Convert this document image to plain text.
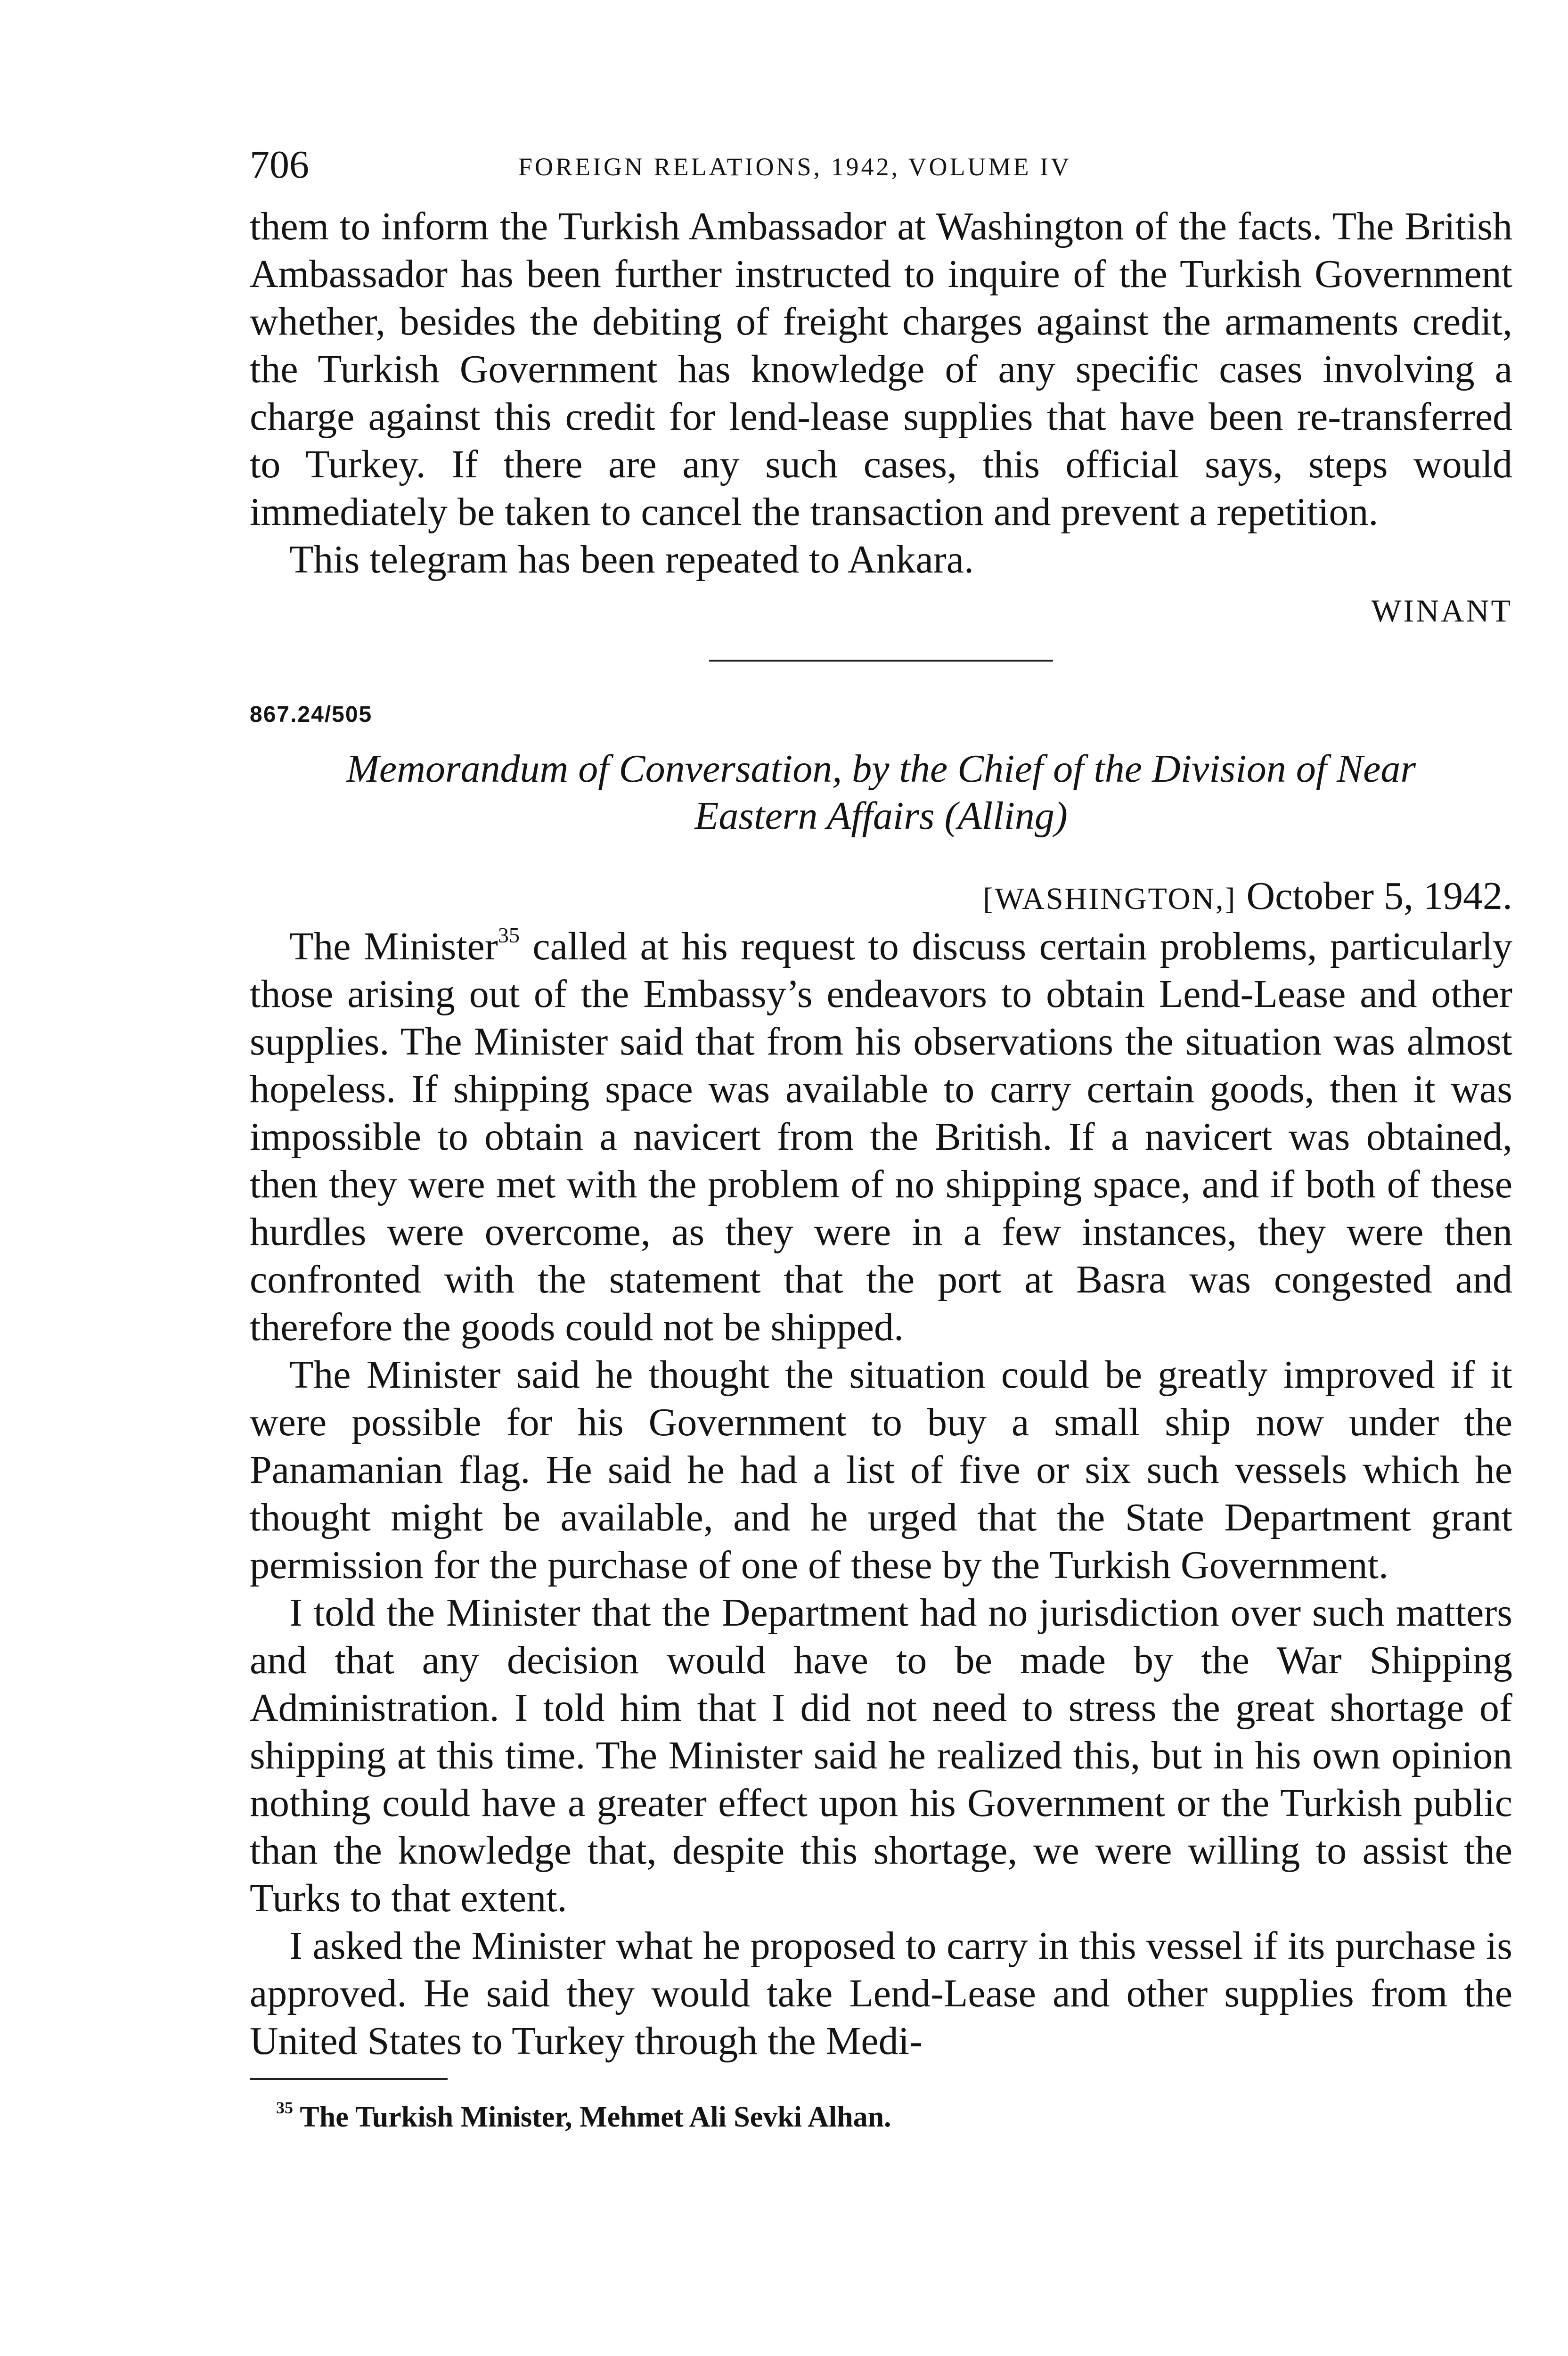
706	FOREIGN RELATIONS, 1942, VOLUME IV

them to inform the Turkish Ambassador at Washington of the facts. The British Ambassador has been further instructed to inquire of the Turkish Government whether, besides the debiting of freight charges against the armaments credit, the Turkish Government has knowledge of any specific cases involving a charge against this credit for lend-lease supplies that have been re-transferred to Turkey. If there are any such cases, this official says, steps would immediately be taken to cancel the transaction and prevent a repetition.

This telegram has been repeated to Ankara.

WINANT
867.24/505
Memorandum of Conversation, by the Chief of the Division of Near
Eastern Affairs (Alling)
[WASHINGTON,] October 5, 1942.

The Minister$^{35}$ called at his request to discuss certain problems, particularly those arising out of the Embassy’s endeavors to obtain Lend-Lease and other supplies. The Minister said that from his observations the situation was almost hopeless. If shipping space was available to carry certain goods, then it was impossible to obtain a navicert from the British. If a navicert was obtained, then they were met with the problem of no shipping space, and if both of these hurdles were overcome, as they were in a few instances, they were then confronted with the statement that the port at Basra was congested and therefore the goods could not be shipped.

The Minister said he thought the situation could be greatly improved if it were possible for his Government to buy a small ship now under the Panamanian flag. He said he had a list of five or six such vessels which he thought might be available, and he urged that the State Department grant permission for the purchase of one of these by the Turkish Government.

I told the Minister that the Department had no jurisdiction over such matters and that any decision would have to be made by the War Shipping Administration. I told him that I did not need to stress the great shortage of shipping at this time. The Minister said he realized this, but in his own opinion nothing could have a greater effect upon his Government or the Turkish public than the knowledge that, despite this shortage, we were willing to assist the Turks to that extent.

I asked the Minister what he proposed to carry in this vessel if its purchase is approved. He said they would take Lend-Lease and other supplies from the United States to Turkey through the Medi-

$^{35}$ The Turkish Minister, Mehmet Ali Sevki Alhan.
